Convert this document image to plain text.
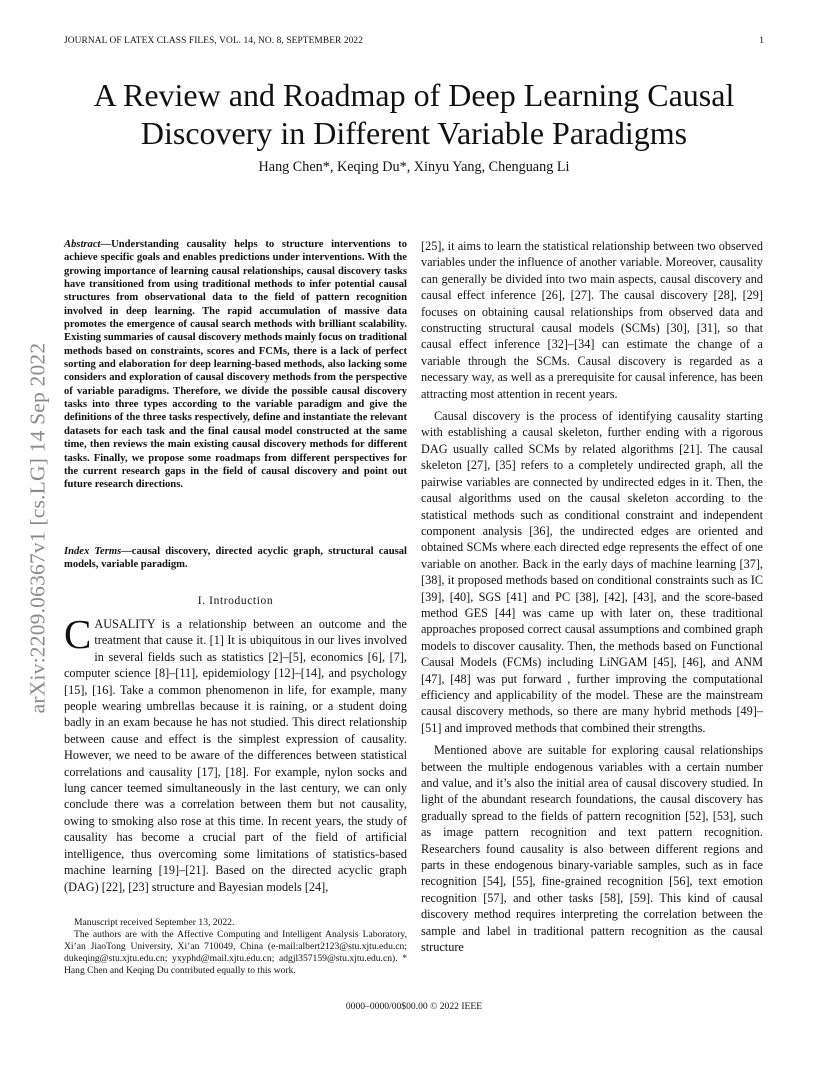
JOURNAL OF LATEX CLASS FILES, VOL. 14, NO. 8, SEPTEMBER 2022	1
A Review and Roadmap of Deep Learning Causal Discovery in Different Variable Paradigms
Hang Chen*, Keqing Du*, Xinyu Yang, Chenguang Li
arXiv:2209.06367v1 [cs.LG] 14 Sep 2022
Abstract—Understanding causality helps to structure interventions to achieve specific goals and enables predictions under interventions. With the growing importance of learning causal relationships, causal discovery tasks have transitioned from using traditional methods to infer potential causal structures from observational data to the field of pattern recognition involved in deep learning. The rapid accumulation of massive data promotes the emergence of causal search methods with brilliant scalability. Existing summaries of causal discovery methods mainly focus on traditional methods based on constraints, scores and FCMs, there is a lack of perfect sorting and elaboration for deep learning-based methods, also lacking some considers and exploration of causal discovery methods from the perspective of variable paradigms. Therefore, we divide the possible causal discovery tasks into three types according to the variable paradigm and give the definitions of the three tasks respectively, define and instantiate the relevant datasets for each task and the final causal model constructed at the same time, then reviews the main existing causal discovery methods for different tasks. Finally, we propose some roadmaps from different perspectives for the current research gaps in the field of causal discovery and point out future research directions.
Index Terms—causal discovery, directed acyclic graph, structural causal models, variable paradigm.
I. Introduction
CAUSALITY is a relationship between an outcome and the treatment that cause it. [1] It is ubiquitous in our lives involved in several fields such as statistics [2]–[5], economics [6], [7], computer science [8]–[11], epidemiology [12]–[14], and psychology [15], [16]. Take a common phenomenon in life, for example, many people wearing umbrellas because it is raining, or a student doing badly in an exam because he has not studied. This direct relationship between cause and effect is the simplest expression of causality. However, we need to be aware of the differences between statistical correlations and causality [17], [18]. For example, nylon socks and lung cancer teemed simultaneously in the last century, we can only conclude there was a correlation between them but not causality, owing to smoking also rose at this time. In recent years, the study of causality has become a crucial part of the field of artificial intelligence, thus overcoming some limitations of statistics-based machine learning [19]–[21]. Based on the directed acyclic graph (DAG) [22], [23] structure and Bayesian models [24],

Manuscript received September 13, 2022.

The authors are with the Affective Computing and Intelligent Analysis Laboratory, Xi’an JiaoTong University, Xi’an 710049, China (e-mail:albert2123@stu.xjtu.edu.cn; dukeqing@stu.xjtu.edu.cn; yxyphd@mail.xjtu.edu.cn; adgjl357159@stu.xjtu.edu.cn). * Hang Chen and Keqing Du contributed equally to this work.

[25], it aims to learn the statistical relationship between two observed variables under the influence of another variable. Moreover, causality can generally be divided into two main aspects, causal discovery and causal effect inference [26], [27]. The causal discovery [28], [29] focuses on obtaining causal relationships from observed data and constructing structural causal models (SCMs) [30], [31], so that causal effect inference [32]–[34] can estimate the change of a variable through the SCMs. Causal discovery is regarded as a necessary way, as well as a prerequisite for causal inference, has been attracting most attention in recent years.

Causal discovery is the process of identifying causality starting with establishing a causal skeleton, further ending with a rigorous DAG usually called SCMs by related algorithms [21]. The causal skeleton [27], [35] refers to a completely undirected graph, all the pairwise variables are connected by undirected edges in it. Then, the causal algorithms used on the causal skeleton according to the statistical methods such as conditional constraint and independent component analysis [36], the undirected edges are oriented and obtained SCMs where each directed edge represents the effect of one variable on another. Back in the early days of machine learning [37], [38], it proposed methods based on conditional constraints such as IC [39], [40], SGS [41] and PC [38], [42], [43], and the score-based method GES [44] was came up with later on, these traditional approaches proposed correct causal assumptions and combined graph models to discover causality. Then, the methods based on Functional Causal Models (FCMs) including LiNGAM [45], [46], and ANM [47], [48] was put forward , further improving the computational efficiency and applicability of the model. These are the mainstream causal discovery methods, so there are many hybrid methods [49]–[51] and improved methods that combined their strengths.

Mentioned above are suitable for exploring causal relationships between the multiple endogenous variables with a certain number and value, and it’s also the initial area of causal discovery studied. In light of the abundant research foundations, the causal discovery has gradually spread to the fields of pattern recognition [52], [53], such as image pattern recognition and text pattern recognition. Researchers found causality is also between different regions and parts in these endogenous binary-variable samples, such as in face recognition [54], [55], fine-grained recognition [56], text emotion recognition [57], and other tasks [58], [59]. This kind of causal discovery method requires interpreting the correlation between the sample and label in traditional pattern recognition as the causal structure

0000–0000/00$00.00 © 2022 IEEE
